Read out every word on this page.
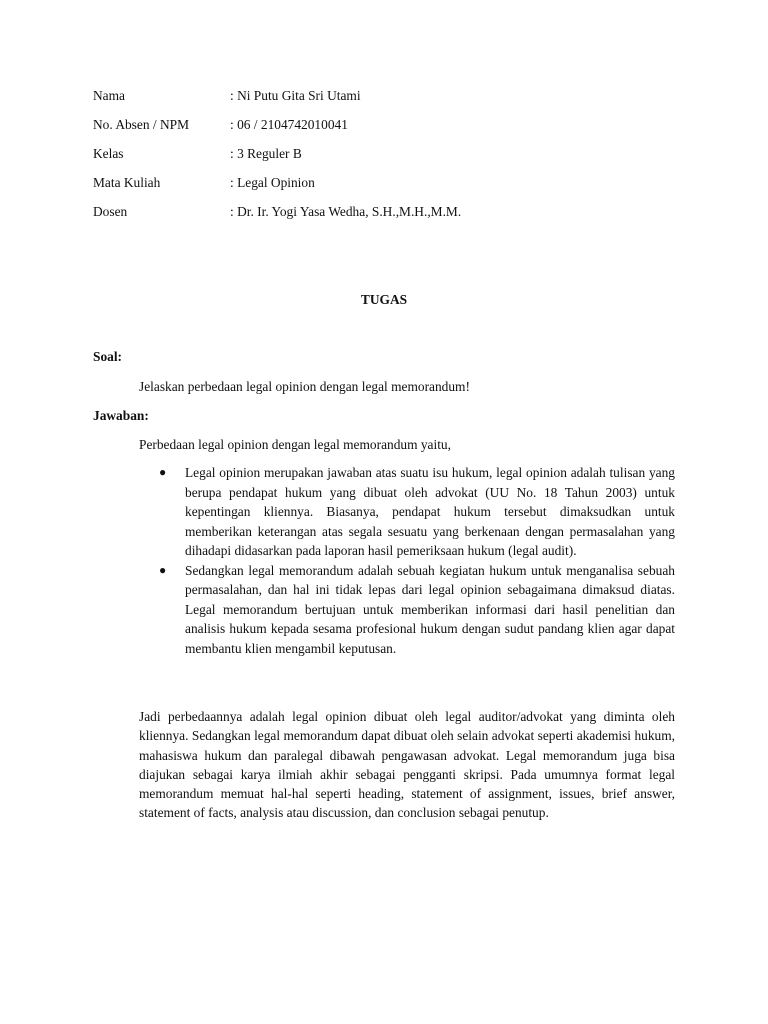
Nama	: Ni Putu Gita Sri Utami
No. Absen / NPM	: 06 / 2104742010041
Kelas	: 3 Reguler B
Mata Kuliah	: Legal Opinion
Dosen	: Dr. Ir. Yogi Yasa Wedha, S.H.,M.H.,M.M.
TUGAS
Soal:
Jelaskan perbedaan legal opinion dengan legal memorandum!
Jawaban:
Perbedaan legal opinion dengan legal memorandum yaitu,
● Legal opinion merupakan jawaban atas suatu isu hukum, legal opinion adalah tulisan yang berupa pendapat hukum yang dibuat oleh advokat (UU No. 18 Tahun 2003) untuk kepentingan kliennya. Biasanya, pendapat hukum tersebut dimaksudkan untuk memberikan keterangan atas segala sesuatu yang berkenaan dengan permasalahan yang dihadapi didasarkan pada laporan hasil pemeriksaan hukum (legal audit).
● Sedangkan legal memorandum adalah sebuah kegiatan hukum untuk menganalisa sebuah permasalahan, dan hal ini tidak lepas dari legal opinion sebagaimana dimaksud diatas. Legal memorandum bertujuan untuk memberikan informasi dari hasil penelitian dan analisis hukum kepada sesama profesional hukum dengan sudut pandang klien agar dapat membantu klien mengambil keputusan.
Jadi perbedaannya adalah legal opinion dibuat oleh legal auditor/advokat yang diminta oleh kliennya. Sedangkan legal memorandum dapat dibuat oleh selain advokat seperti akademisi hukum, mahasiswa hukum dan paralegal dibawah pengawasan advokat. Legal memorandum juga bisa diajukan sebagai karya ilmiah akhir sebagai pengganti skripsi. Pada umumnya format legal memorandum memuat hal-hal seperti heading, statement of assignment, issues, brief answer, statement of facts, analysis atau discussion, dan conclusion sebagai penutup.
